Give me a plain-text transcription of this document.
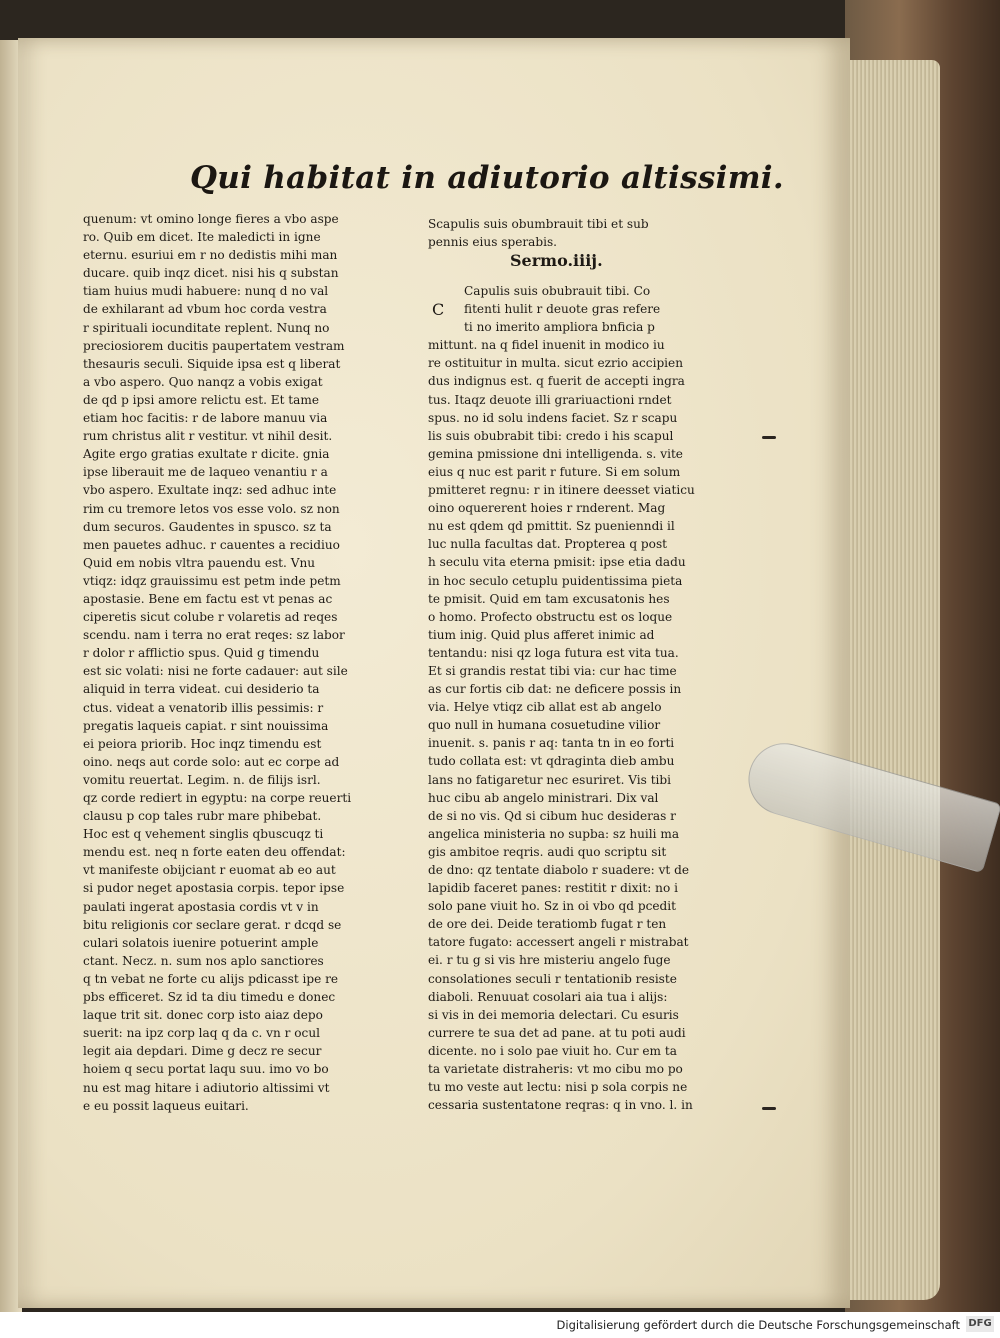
Qui habitat in adiutorio altissimi.
quenum: vt omino longe fieres a vbo aspe
ro. Quib em dicet. Ite maledicti in igne
eternu. esuriui em r no dedistis mihi man
ducare. quib inqz dicet. nisi his q substan
tiam huius mudi habuere: nunq d no val
de exhilarant ad vbum hoc corda vestra
r spirituali iocunditate replent. Nunq no
preciosiorem ducitis paupertatem vestram
thesauris seculi. Siquide ipsa est q liberat
a vbo aspero. Quo nanqz a vobis exigat
de qd p ipsi amore relictu est. Et tame
etiam hoc facitis: r de labore manuu via
rum christus alit r vestitur. vt nihil desit.
Agite ergo gratias exultate r dicite. gnia
ipse liberauit me de laqueo venantiu r a
vbo aspero. Exultate inqz: sed adhuc inte
rim cu tremore letos vos esse volo. sz non
dum securos. Gaudentes in spusco. sz ta
men pauetes adhuc. r cauentes a recidiuo
Quid em nobis vltra pauendu est. Vnu
vtiqz: idqz grauissimu est petm inde petm
apostasie. Bene em factu est vt penas ac
ciperetis sicut colube r volaretis ad reqes
scendu. nam i terra no erat reqes: sz labor
r dolor r afflictio spus. Quid g timendu
est sic volati: nisi ne forte cadauer: aut sile
aliquid in terra videat. cui desiderio ta
ctus. videat a venatorib illis pessimis: r
pregatis laqueis capiat. r sint nouissima
ei peiora priorib. Hoc inqz timendu est
oino. neqs aut corde solo: aut ec corpe ad
vomitu reuertat. Legim. n. de filijs isrl.
qz corde rediert in egyptu: na corpe reuerti
clausu p cop tales rubr mare phibebat.
Hoc est q vehement singlis qbuscuqz ti
mendu est. neq n forte eaten deu offendat:
vt manifeste obijciant r euomat ab eo aut
si pudor neget apostasia corpis. tepor ipse
paulati ingerat apostasia cordis vt v in
bitu religionis cor seclare gerat. r dcqd se
culari solatois iuenire potuerint ample
ctant. Necz. n. sum nos aplo sanctiores
q tn vebat ne forte cu alijs pdicasst ipe re
pbs efficeret. Sz id ta diu timedu e donec
laque trit sit. donec corp isto aiaz depo
suerit: na ipz corp laq q da c. vn r ocul
legit aia depdari. Dime g decz re secur
hoiem q secu portat laqu suu. imo vo bo
nu est mag hitare i adiutorio altissimi vt
e eu possit laqueus euitari.
Scapulis suis obumbrauit tibi et sub
pennis eius sperabis.
Sermo.iiij.
Capulis suis obubrauit tibi. Co
fitenti hulit r deuote gras refere
ti no imerito ampliora bnficia p
mittunt. na q fidel inuenit in modico iu
re ostituitur in multa. sicut ezrio accipien
dus indignus est. q fuerit de accepti ingra
tus. Itaqz deuote illi grariuactioni rndet
spus. no id solu indens faciet. Sz r scapu
lis suis obubrabit tibi: credo i his scapul
gemina pmissione dni intelligenda. s. vite
eius q nuc est parit r future. Si em solum
pmitteret regnu: r in itinere deesset viaticu
oino oquererent hoies r rnderent. Mag
nu est qdem qd pmittit. Sz puenienndi il
luc nulla facultas dat. Propterea q post
h seculu vita eterna pmisit: ipse etia dadu
in hoc seculo cetuplu puidentissima pieta
te pmisit. Quid em tam excusatonis hes
o homo. Profecto obstructu est os loque
tium inig. Quid plus afferet inimic ad
tentandu: nisi qz loga futura est vita tua.
Et si grandis restat tibi via: cur hac time
as cur fortis cib dat: ne deficere possis in
via. Helye vtiqz cib allat est ab angelo
quo null in humana cosuetudine vilior
inuenit. s. panis r aq: tanta tn in eo forti
tudo collata est: vt qdraginta dieb ambu
lans no fatigaretur nec esuriret. Vis tibi
huc cibu ab angelo ministrari. Dix val
de si no vis. Qd si cibum huc desideras r
angelica ministeria no supba: sz huili ma
gis ambitoe reqris. audi quo scriptu sit
de dno: qz tentate diabolo r suadere: vt de
lapidib faceret panes: restitit r dixit: no i
solo pane viuit ho. Sz in oi vbo qd pcedit
de ore dei. Deide teratiomb fugat r ten
tatore fugato: accessert angeli r mistrabat
ei. r tu g si vis hre misteriu angelo fuge
consolationes seculi r tentationib resiste
diaboli. Renuuat cosolari aia tua i alijs:
si vis in dei memoria delectari. Cu esuris
currere te sua det ad pane. at tu poti audi
dicente. no i solo pae viuit ho. Cur em ta
ta varietate distraheris: vt mo cibu mo po
tu mo veste aut lectu: nisi p sola corpis ne
cessaria sustentatone reqras: q in vno. l. in
C
Digitalisierung gefördert durch die Deutsche Forschungsgemeinschaft DFG
